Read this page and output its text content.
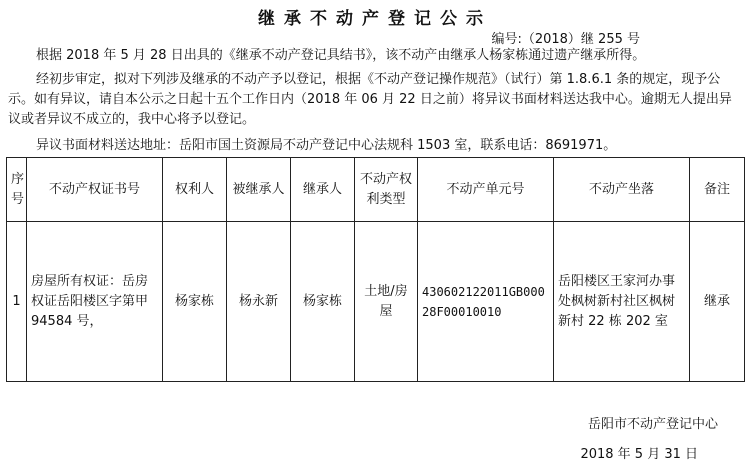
继承不动产登记公示
编号:（2018）继 255 号
根据 2018 年 5 月 28 日出具的《继承不动产登记具结书》，该不动产由继承人杨家栋通过遗产继承所得。
经初步审定，拟对下列涉及继承的不动产予以登记，根据《不动产登记操作规范》（试行）第 1.8.6.1 条的规定，现予公示。如有异议，请自本公示之日起十五个工作日内（2018 年 06 月 22 日之前）将异议书面材料送达我中心。逾期无人提出异议或者异议不成立的，我中心将予以登记。
异议书面材料送达地址：岳阳市国土资源局不动产登记中心法规科 1503 室，联系电话：8691971。
序号	不动产权证书号	权利人	被继承人	继承人	不动产权利类型	不动产单元号	不动产坐落	备注
1	房屋所有权证：岳房权证岳阳楼区字第甲 94584 号，	杨家栋	杨永新	杨家栋	土地/房屋	430602122011GB00028F00010010	岳阳楼区王家河办事处枫树新村社区枫树新村 22 栋 202 室	继承
岳阳市不动产登记中心
2018 年 5 月 31 日
